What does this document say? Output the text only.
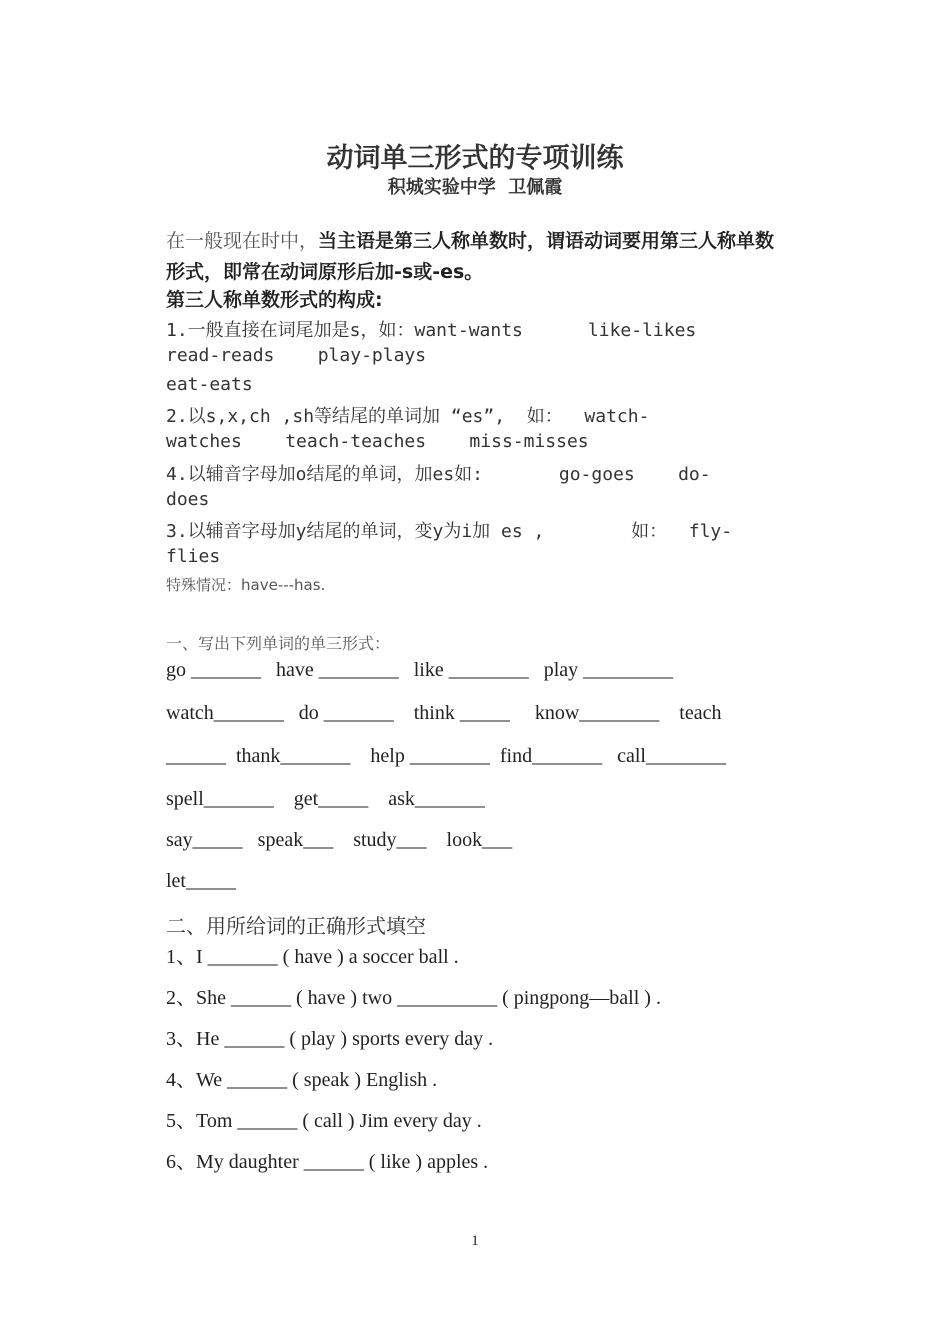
动词单三形式的专项训练
积城实验中学  卫佩霞
在一般现在时中，当主语是第三人称单数时，谓语动词要用第三人称单数形式，即常在动词原形后加-s或-es。
第三人称单数形式的构成:
1.一般直接在词尾加是s，如：want-wants      like-likes
read-reads    play-plays
eat-eats
2.以s,x,ch ,sh等结尾的单词加 “es”,  如：  watch-
watches    teach-teaches    miss-misses
4.以辅音字母加o结尾的单词，加es如:       go-goes    do-
does
3.以辅音字母加y结尾的单词，变y为i加 es ,        如：  fly-
flies
特殊情况：have---has.
一、写出下列单词的单三形式：
go _______   have ________   like ________   play _________
watch_______   do _______    think _____     know________    teach
______  thank_______    help ________  find_______   call________
spell_______    get_____    ask_______
say_____   speak___    study___    look___
let_____
二、用所给词的正确形式填空
1、I _______ ( have ) a soccer ball .
2、She ______ ( have ) two __________ ( pingpong—ball ) .
3、He ______ ( play ) sports every day .
4、We ______ ( speak ) English .
5、Tom ______ ( call ) Jim every day .
6、My daughter ______ ( like ) apples .
1
